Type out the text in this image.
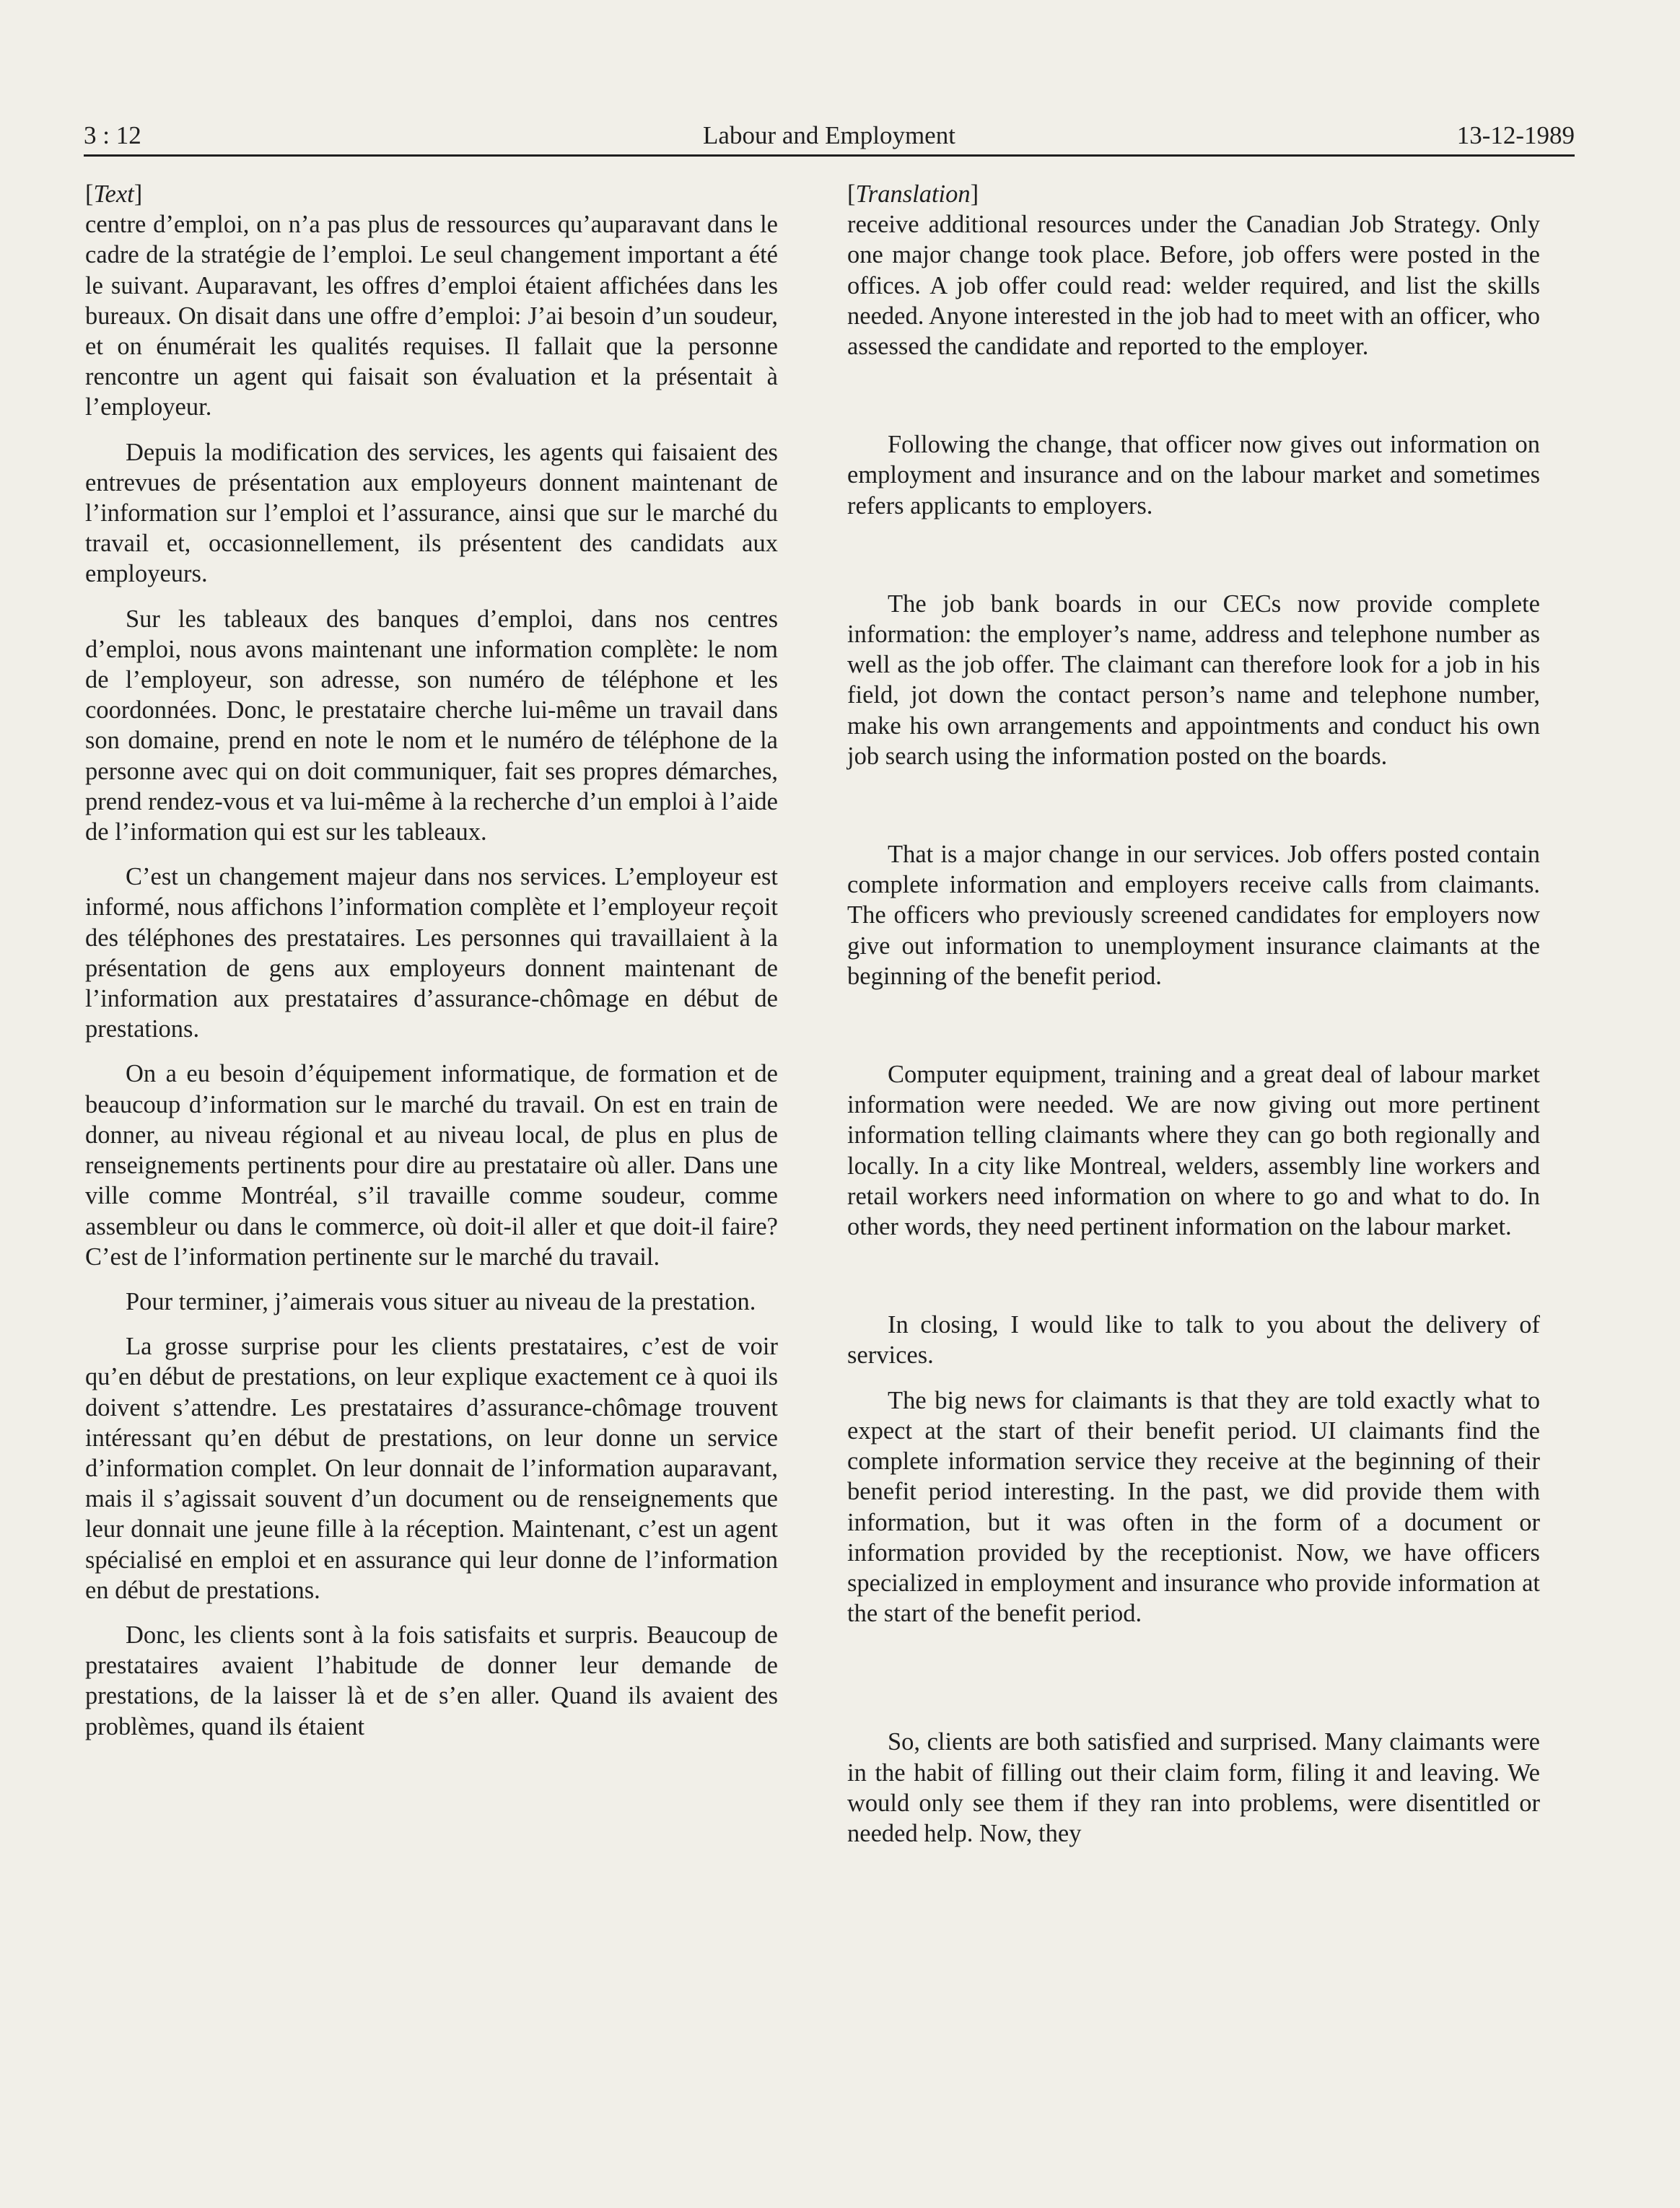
3 : 12	Labour and Employment	13-12-1989
[Text]

centre d’emploi, on n’a pas plus de ressources qu’auparavant dans le cadre de la stratégie de l’emploi. Le seul changement important a été le suivant. Auparavant, les offres d’emploi étaient affichées dans les bureaux. On disait dans une offre d’emploi: J’ai besoin d’un soudeur, et on énumérait les qualités requises. Il fallait que la personne rencontre un agent qui faisait son évaluation et la présentait à l’employeur.

Depuis la modification des services, les agents qui faisaient des entrevues de présentation aux employeurs donnent maintenant de l’information sur l’emploi et l’assurance, ainsi que sur le marché du travail et, occasionnellement, ils présentent des candidats aux employeurs.

Sur les tableaux des banques d’emploi, dans nos centres d’emploi, nous avons maintenant une information complète: le nom de l’employeur, son adresse, son numéro de téléphone et les coordonnées. Donc, le prestataire cherche lui-même un travail dans son domaine, prend en note le nom et le numéro de téléphone de la personne avec qui on doit communiquer, fait ses propres démarches, prend rendez-vous et va lui-même à la recherche d’un emploi à l’aide de l’information qui est sur les tableaux.

C’est un changement majeur dans nos services. L’employeur est informé, nous affichons l’information complète et l’employeur reçoit des téléphones des prestataires. Les personnes qui travaillaient à la présentation de gens aux employeurs donnent maintenant de l’information aux prestataires d’assurance-chômage en début de prestations.

On a eu besoin d’équipement informatique, de formation et de beaucoup d’information sur le marché du travail. On est en train de donner, au niveau régional et au niveau local, de plus en plus de renseignements pertinents pour dire au prestataire où aller. Dans une ville comme Montréal, s’il travaille comme soudeur, comme assembleur ou dans le commerce, où doit-il aller et que doit-il faire? C’est de l’information pertinente sur le marché du travail.

Pour terminer, j’aimerais vous situer au niveau de la prestation.

La grosse surprise pour les clients prestataires, c’est de voir qu’en début de prestations, on leur explique exactement ce à quoi ils doivent s’attendre. Les prestataires d’assurance-chômage trouvent intéressant qu’en début de prestations, on leur donne un service d’information complet. On leur donnait de l’information auparavant, mais il s’agissait souvent d’un document ou de renseignements que leur donnait une jeune fille à la réception. Maintenant, c’est un agent spécialisé en emploi et en assurance qui leur donne de l’information en début de prestations.

Donc, les clients sont à la fois satisfaits et surpris. Beaucoup de prestataires avaient l’habitude de donner leur demande de prestations, de la laisser là et de s’en aller. Quand ils avaient des problèmes, quand ils étaient

[Translation]

receive additional resources under the Canadian Job Strategy. Only one major change took place. Before, job offers were posted in the offices. A job offer could read: welder required, and list the skills needed. Anyone interested in the job had to meet with an officer, who assessed the candidate and reported to the employer.

Following the change, that officer now gives out information on employment and insurance and on the labour market and sometimes refers applicants to employers.

The job bank boards in our CECs now provide complete information: the employer’s name, address and telephone number as well as the job offer. The claimant can therefore look for a job in his field, jot down the contact person’s name and telephone number, make his own arrangements and appointments and conduct his own job search using the information posted on the boards.

That is a major change in our services. Job offers posted contain complete information and employers receive calls from claimants. The officers who previously screened candidates for employers now give out information to unemployment insurance claimants at the beginning of the benefit period.

Computer equipment, training and a great deal of labour market information were needed. We are now giving out more pertinent information telling claimants where they can go both regionally and locally. In a city like Montreal, welders, assembly line workers and retail workers need information on where to go and what to do. In other words, they need pertinent information on the labour market.

In closing, I would like to talk to you about the delivery of services.

The big news for claimants is that they are told exactly what to expect at the start of their benefit period. UI claimants find the complete information service they receive at the beginning of their benefit period interesting. In the past, we did provide them with information, but it was often in the form of a document or information provided by the receptionist. Now, we have officers specialized in employment and insurance who provide information at the start of the benefit period.

So, clients are both satisfied and surprised. Many claimants were in the habit of filling out their claim form, filing it and leaving. We would only see them if they ran into problems, were disentitled or needed help. Now, they
